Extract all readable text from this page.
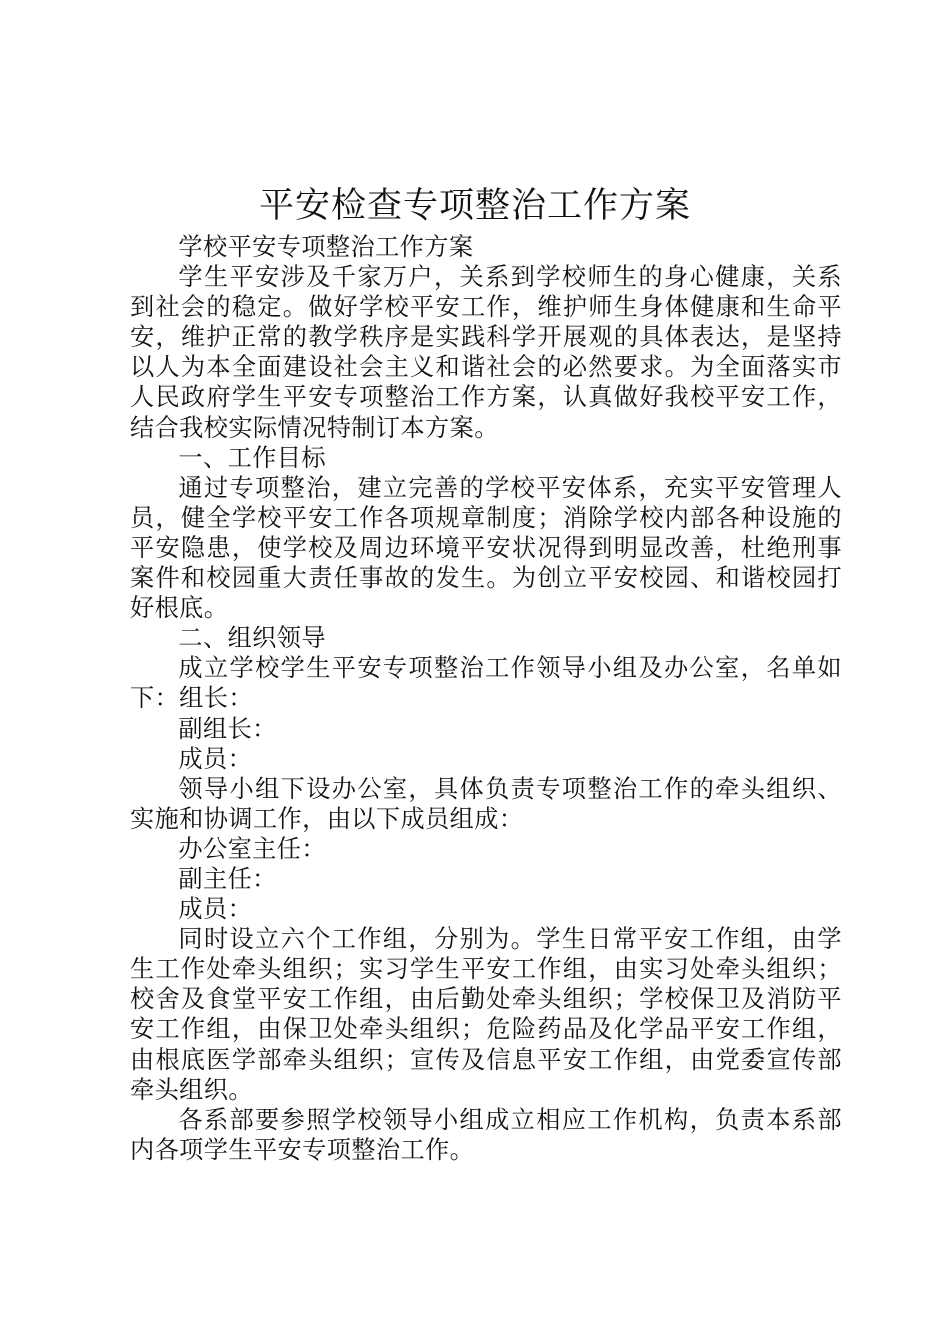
平安检查专项整治工作方案

学校平安专项整治工作方案

学生平安涉及千家万户，关系到学校师生的身心健康，关系到社会的稳定。做好学校平安工作，维护师生身体健康和生命平安，维护正常的教学秩序是实践科学开展观的具体表达，是坚持以人为本全面建设社会主义和谐社会的必然要求。为全面落实市人民政府学生平安专项整治工作方案，认真做好我校平安工作，结合我校实际情况特制订本方案。

一、工作目标

通过专项整治，建立完善的学校平安体系，充实平安管理人员，健全学校平安工作各项规章制度；消除学校内部各种设施的平安隐患，使学校及周边环境平安状况得到明显改善，杜绝刑事案件和校园重大责任事故的发生。为创立平安校园、和谐校园打好根底。

二、组织领导

成立学校学生平安专项整治工作领导小组及办公室，名单如下：组长：

副组长：

成员：

领导小组下设办公室，具体负责专项整治工作的牵头组织、实施和协调工作，由以下成员组成：

办公室主任：

副主任：

成员：

同时设立六个工作组，分别为。学生日常平安工作组，由学生工作处牵头组织；实习学生平安工作组，由实习处牵头组织；校舍及食堂平安工作组，由后勤处牵头组织；学校保卫及消防平安工作组，由保卫处牵头组织；危险药品及化学品平安工作组，由根底医学部牵头组织；宣传及信息平安工作组，由党委宣传部牵头组织。

各系部要参照学校领导小组成立相应工作机构，负责本系部内各项学生平安专项整治工作。
